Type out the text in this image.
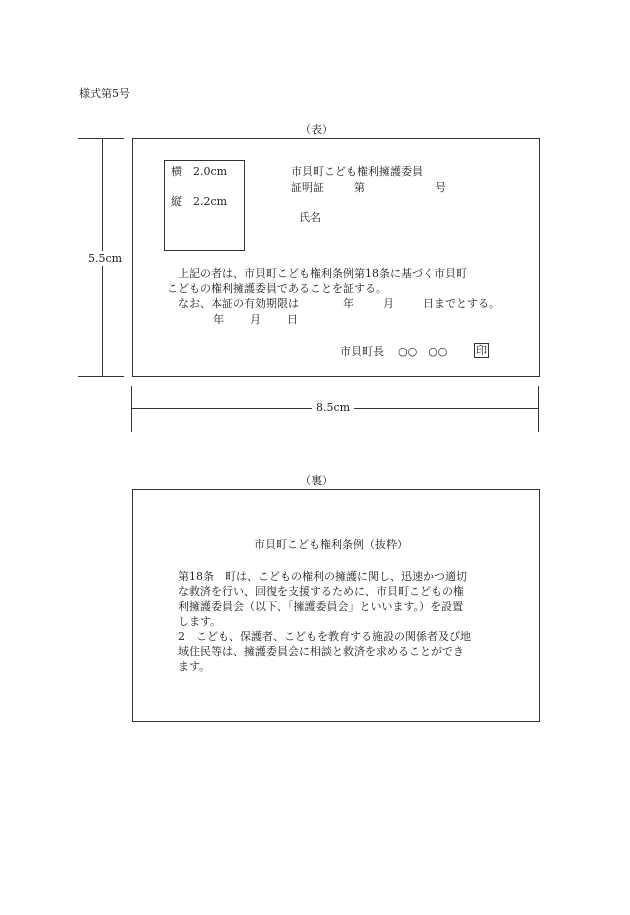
様式第5号
（表）
5.5cm
横　2.0cm
縦　2.2cm
市貝町こども権利擁護委員
証明証	第	号
氏名
上記の者は、市貝町こども権利条例第18条に基づく市貝町
こどもの権利擁護委員であることを証する。
なお、本証の有効期限は	年	月	日までとする。
年 月 日
市貝町長 ○○　○○	印
8.5cm
（裏）
市貝町こども権利条例（抜粋）

第18条　町は、こどもの権利の擁護に関し、迅速かつ適切

な救済を行い、回復を支援するために、市貝町こどもの権

利擁護委員会（以下、「擁護委員会」といいます。）を設置

します。

2　こども、保護者、こどもを教育する施設の関係者及び地

域住民等は、擁護委員会に相談と救済を求めることができ

ます。
